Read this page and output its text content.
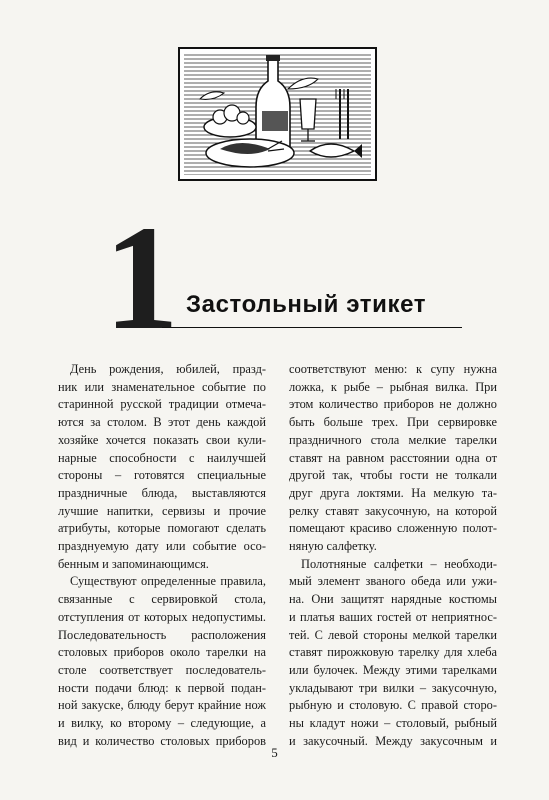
1 Застольный этикет

День рождения, юбилей, празд-
ник или знаменательное событие по
старинной русской традиции отмеча-
ются за столом. В этот день каждой
хозяйке хочется показать свои кули-
нарные способности с наилучшей
стороны – готовятся специальные
праздничные блюда, выставляются
лучшие напитки, сервизы и прочие
атрибуты, которые помогают сделать
празднуемую дату или событие осо-
бенным и запоминающимся.

Существуют определенные правила,
связанные с сервировкой стола,
отступления от которых недопустимы.
Последовательность расположения
столовых приборов около тарелки на
столе соответствует последователь-
ности подачи блюд: к первой подан-
ной закуске, блюду берут крайние нож
и вилку, ко второму – следующие, а
вид и количество столовых приборов

соответствуют меню: к супу нужна
ложка, к рыбе – рыбная вилка. При
этом количество приборов не должно
быть больше трех. При сервировке
праздничного стола мелкие тарелки
ставят на равном расстоянии одна от
другой так, чтобы гости не толкали
друг друга локтями. На мелкую та-
релку ставят закусочную, на которой
помещают красиво сложенную полот-
няную салфетку.

Полотняные салфетки – необходи-
мый элемент званого обеда или ужи-
на. Они защитят нарядные костюмы
и платья ваших гостей от неприятнос-
тей. С левой стороны мелкой тарелки
ставят пирожковую тарелку для хлеба
или булочек. Между этими тарелками
укладывают три вилки – закусочную,
рыбную и столовую. С правой сторо-
ны кладут ножи – столовый, рыбный
и закусочный. Между закусочным и

5
